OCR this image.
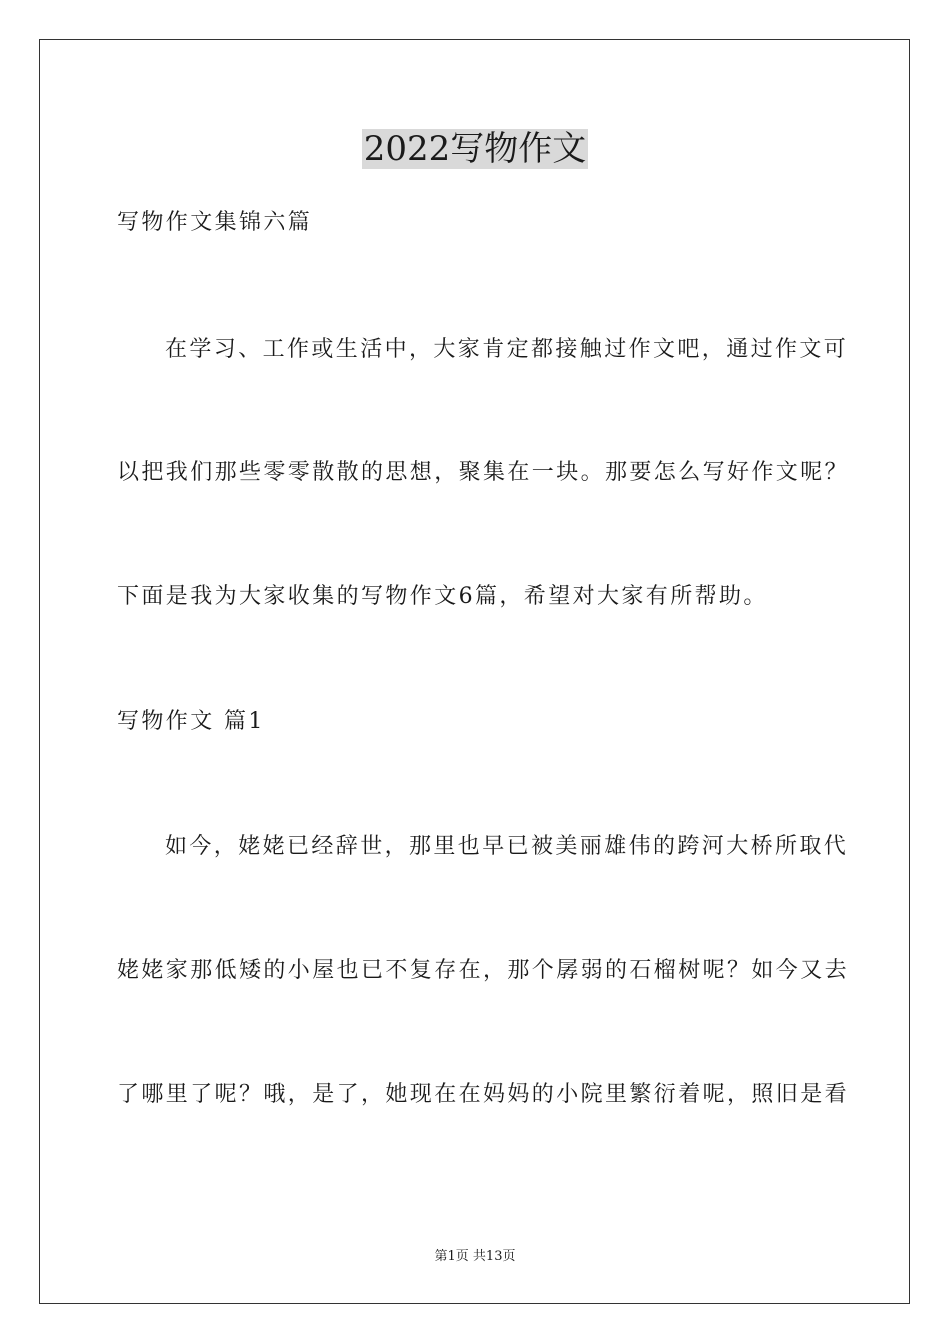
2022写物作文
写物作文集锦六篇
在学习、工作或生活中，大家肯定都接触过作文吧，通过作文可
以把我们那些零零散散的思想，聚集在一块。那要怎么写好作文呢？
下面是我为大家收集的写物作文6篇，希望对大家有所帮助。
写物作文 篇1
如今，姥姥已经辞世，那里也早已被美丽雄伟的跨河大桥所取代
姥姥家那低矮的小屋也已不复存在，那个孱弱的石榴树呢？如今又去
了哪里了呢？哦，是了，她现在在妈妈的小院里繁衍着呢，照旧是看
第1页 共13页
